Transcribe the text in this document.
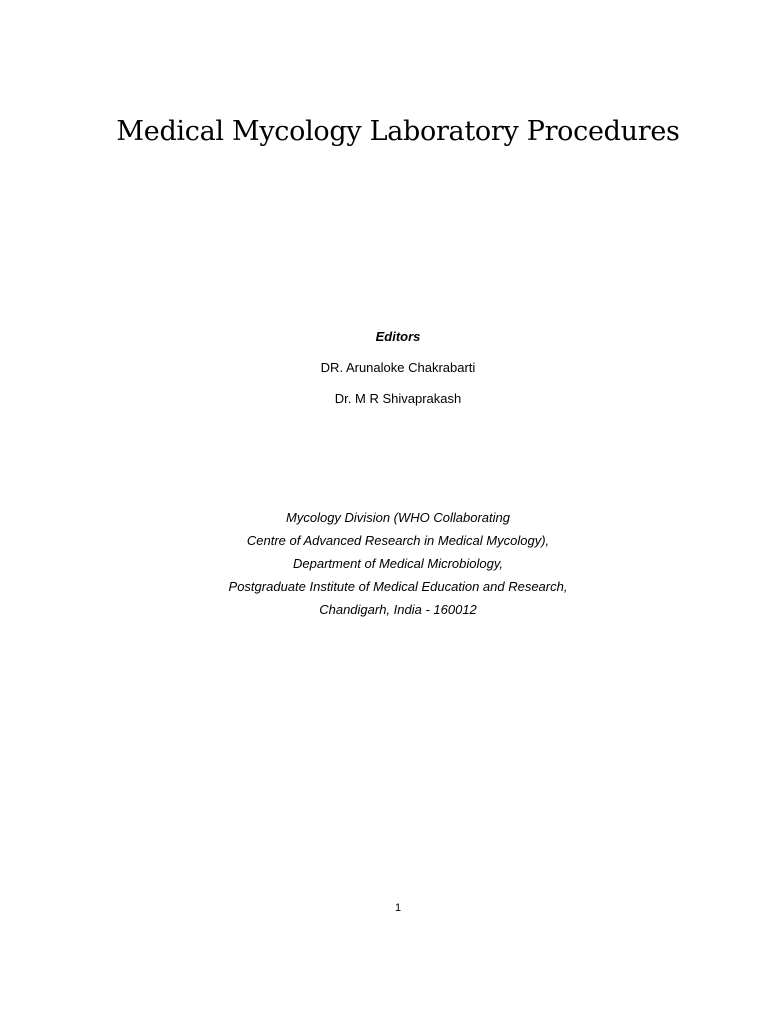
Medical Mycology Laboratory Procedures
Editors
DR. Arunaloke Chakrabarti
Dr. M R Shivaprakash
Mycology Division (WHO Collaborating
Centre of Advanced Research in Medical Mycology),
Department of Medical Microbiology,
Postgraduate Institute of Medical Education and Research,
Chandigarh, India - 160012
1
